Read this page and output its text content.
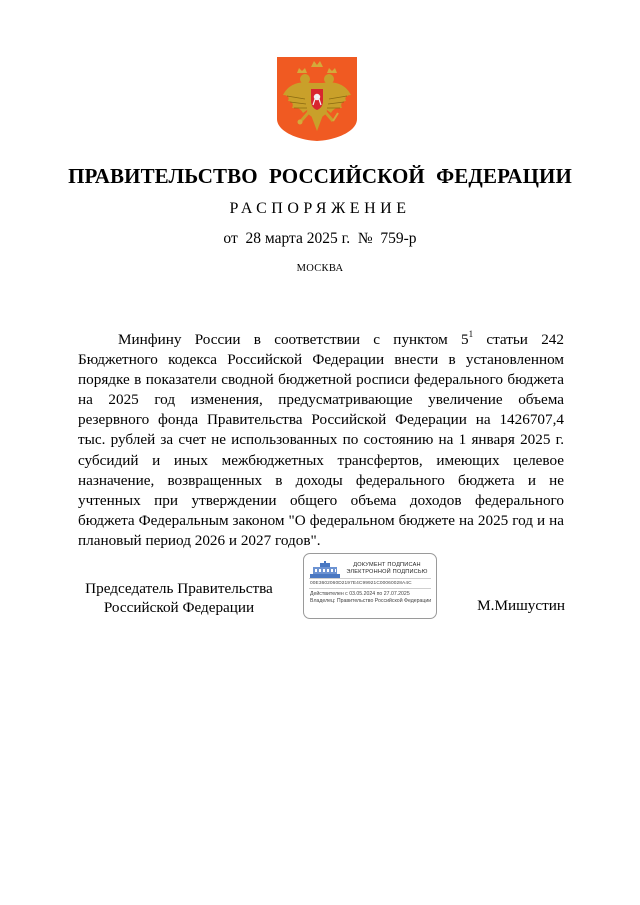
ПРАВИТЕЛЬСТВО РОССИЙСКОЙ ФЕДЕРАЦИИ
РАСПОРЯЖЕНИЕ
от 28 марта 2025 г. № 759-р
МОСКВА

Минфину России в соответствии с пунктом $5^1$ статьи 242 Бюджетного кодекса Российской Федерации внести в установленном порядке в показатели сводной бюджетной росписи федерального бюджета на 2025 год изменения, предусматривающие увеличение объема резервного фонда Правительства Российской Федерации на 1426707,4 тыс. рублей за счет не использованных по состоянию на 1 января 2025 г. субсидий и иных межбюджетных трансфертов, имеющих целевое назначение, возвращенных в доходы федерального бюджета и не учтенных при утверждении общего объема доходов федерального бюджета Федеральным законом "О федеральном бюджете на 2025 год и на плановый период 2026 и 2027 годов".

Председатель Правительства
Российской Федерации
ДОКУМЕНТ ПОДПИСАН
ЭЛЕКТРОННОЙ ПОДПИСЬЮ
00E3602060D2197E4C99921C00060028A4C
Действителен с 03.05.2024 по 27.07.2025
Владелец: Правительство Российской Федерации	М.Мишустин
